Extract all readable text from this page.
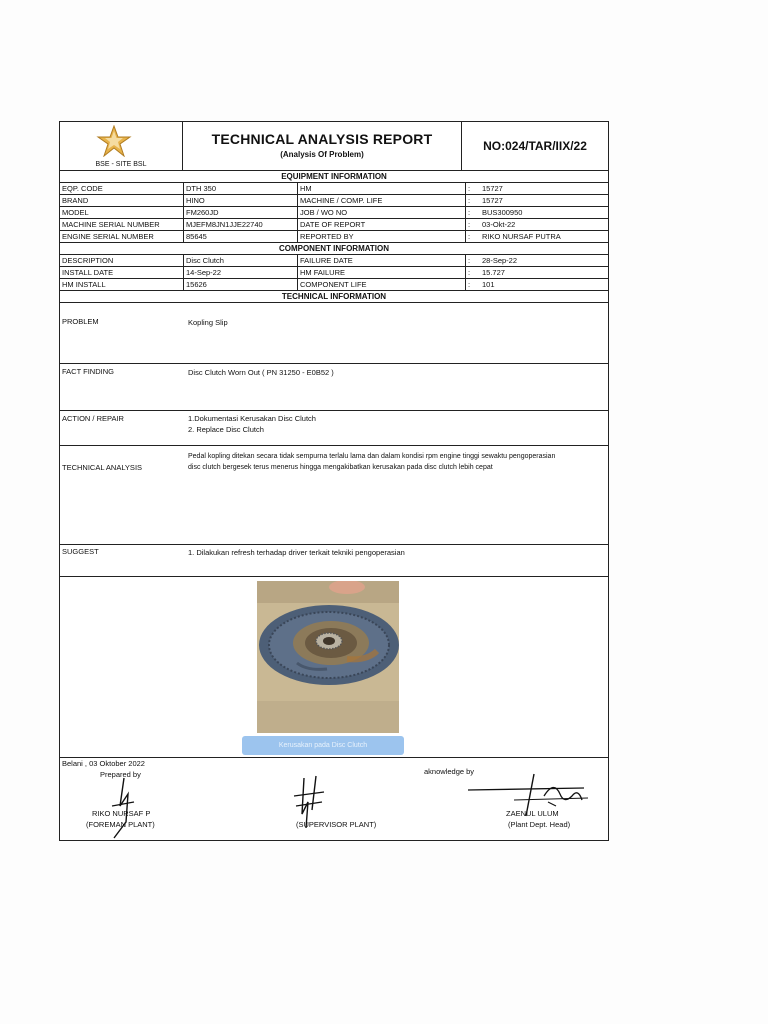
BSE - SITE BSL
TECHNICAL ANALYSIS REPORT
(Analysis Of Problem)
NO:024/TAR/IIX/22
EQUIPMENT INFORMATION
EQP. CODE	DTH 350	HM	:	15727
BRAND	HINO	MACHINE / COMP. LIFE	:	15727
MODEL	FM260JD	JOB / WO NO	:	BUS300950
MACHINE SERIAL NUMBER	MJEFM8JN1JJE22740	DATE OF REPORT	:	03-Okt-22
ENGINE SERIAL NUMBER	85645	REPORTED BY	:	RIKO NURSAF PUTRA
COMPONENT INFORMATION
DESCRIPTION	Disc Clutch	FAILURE DATE	:	28-Sep-22
INSTALL DATE	14-Sep-22	HM FAILURE	:	15.727
HM INSTALL	15626	COMPONENT LIFE	:	101
TECHNICAL INFORMATION
PROBLEM	Kopling Slip
FACT FINDING	Disc Clutch Worn Out ( PN 31250 - E0B52 )
ACTION / REPAIR	1.Dokumentasi Kerusakan Disc Clutch
2. Replace Disc Clutch
TECHNICAL ANALYSIS
Pedal kopling ditekan secara tidak sempurna terlalu lama dan dalam kondisi rpm engine tinggi sewaktu pengoperasian disc clutch bergesek terus menerus hingga mengakibatkan kerusakan pada disc clutch lebih cepat
SUGGEST	1. Dilakukan refresh terhadap driver terkait tekniki pengoperasian
Kerusakan pada Disc Clutch
Belani , 03 Oktober 2022
Prepared by	aknowledge by
RIKO NURSAF P
(FOREMAN PLANT)	(SUPERVISOR PLANT)
ZAENUL ULUM
(Plant Dept. Head)
